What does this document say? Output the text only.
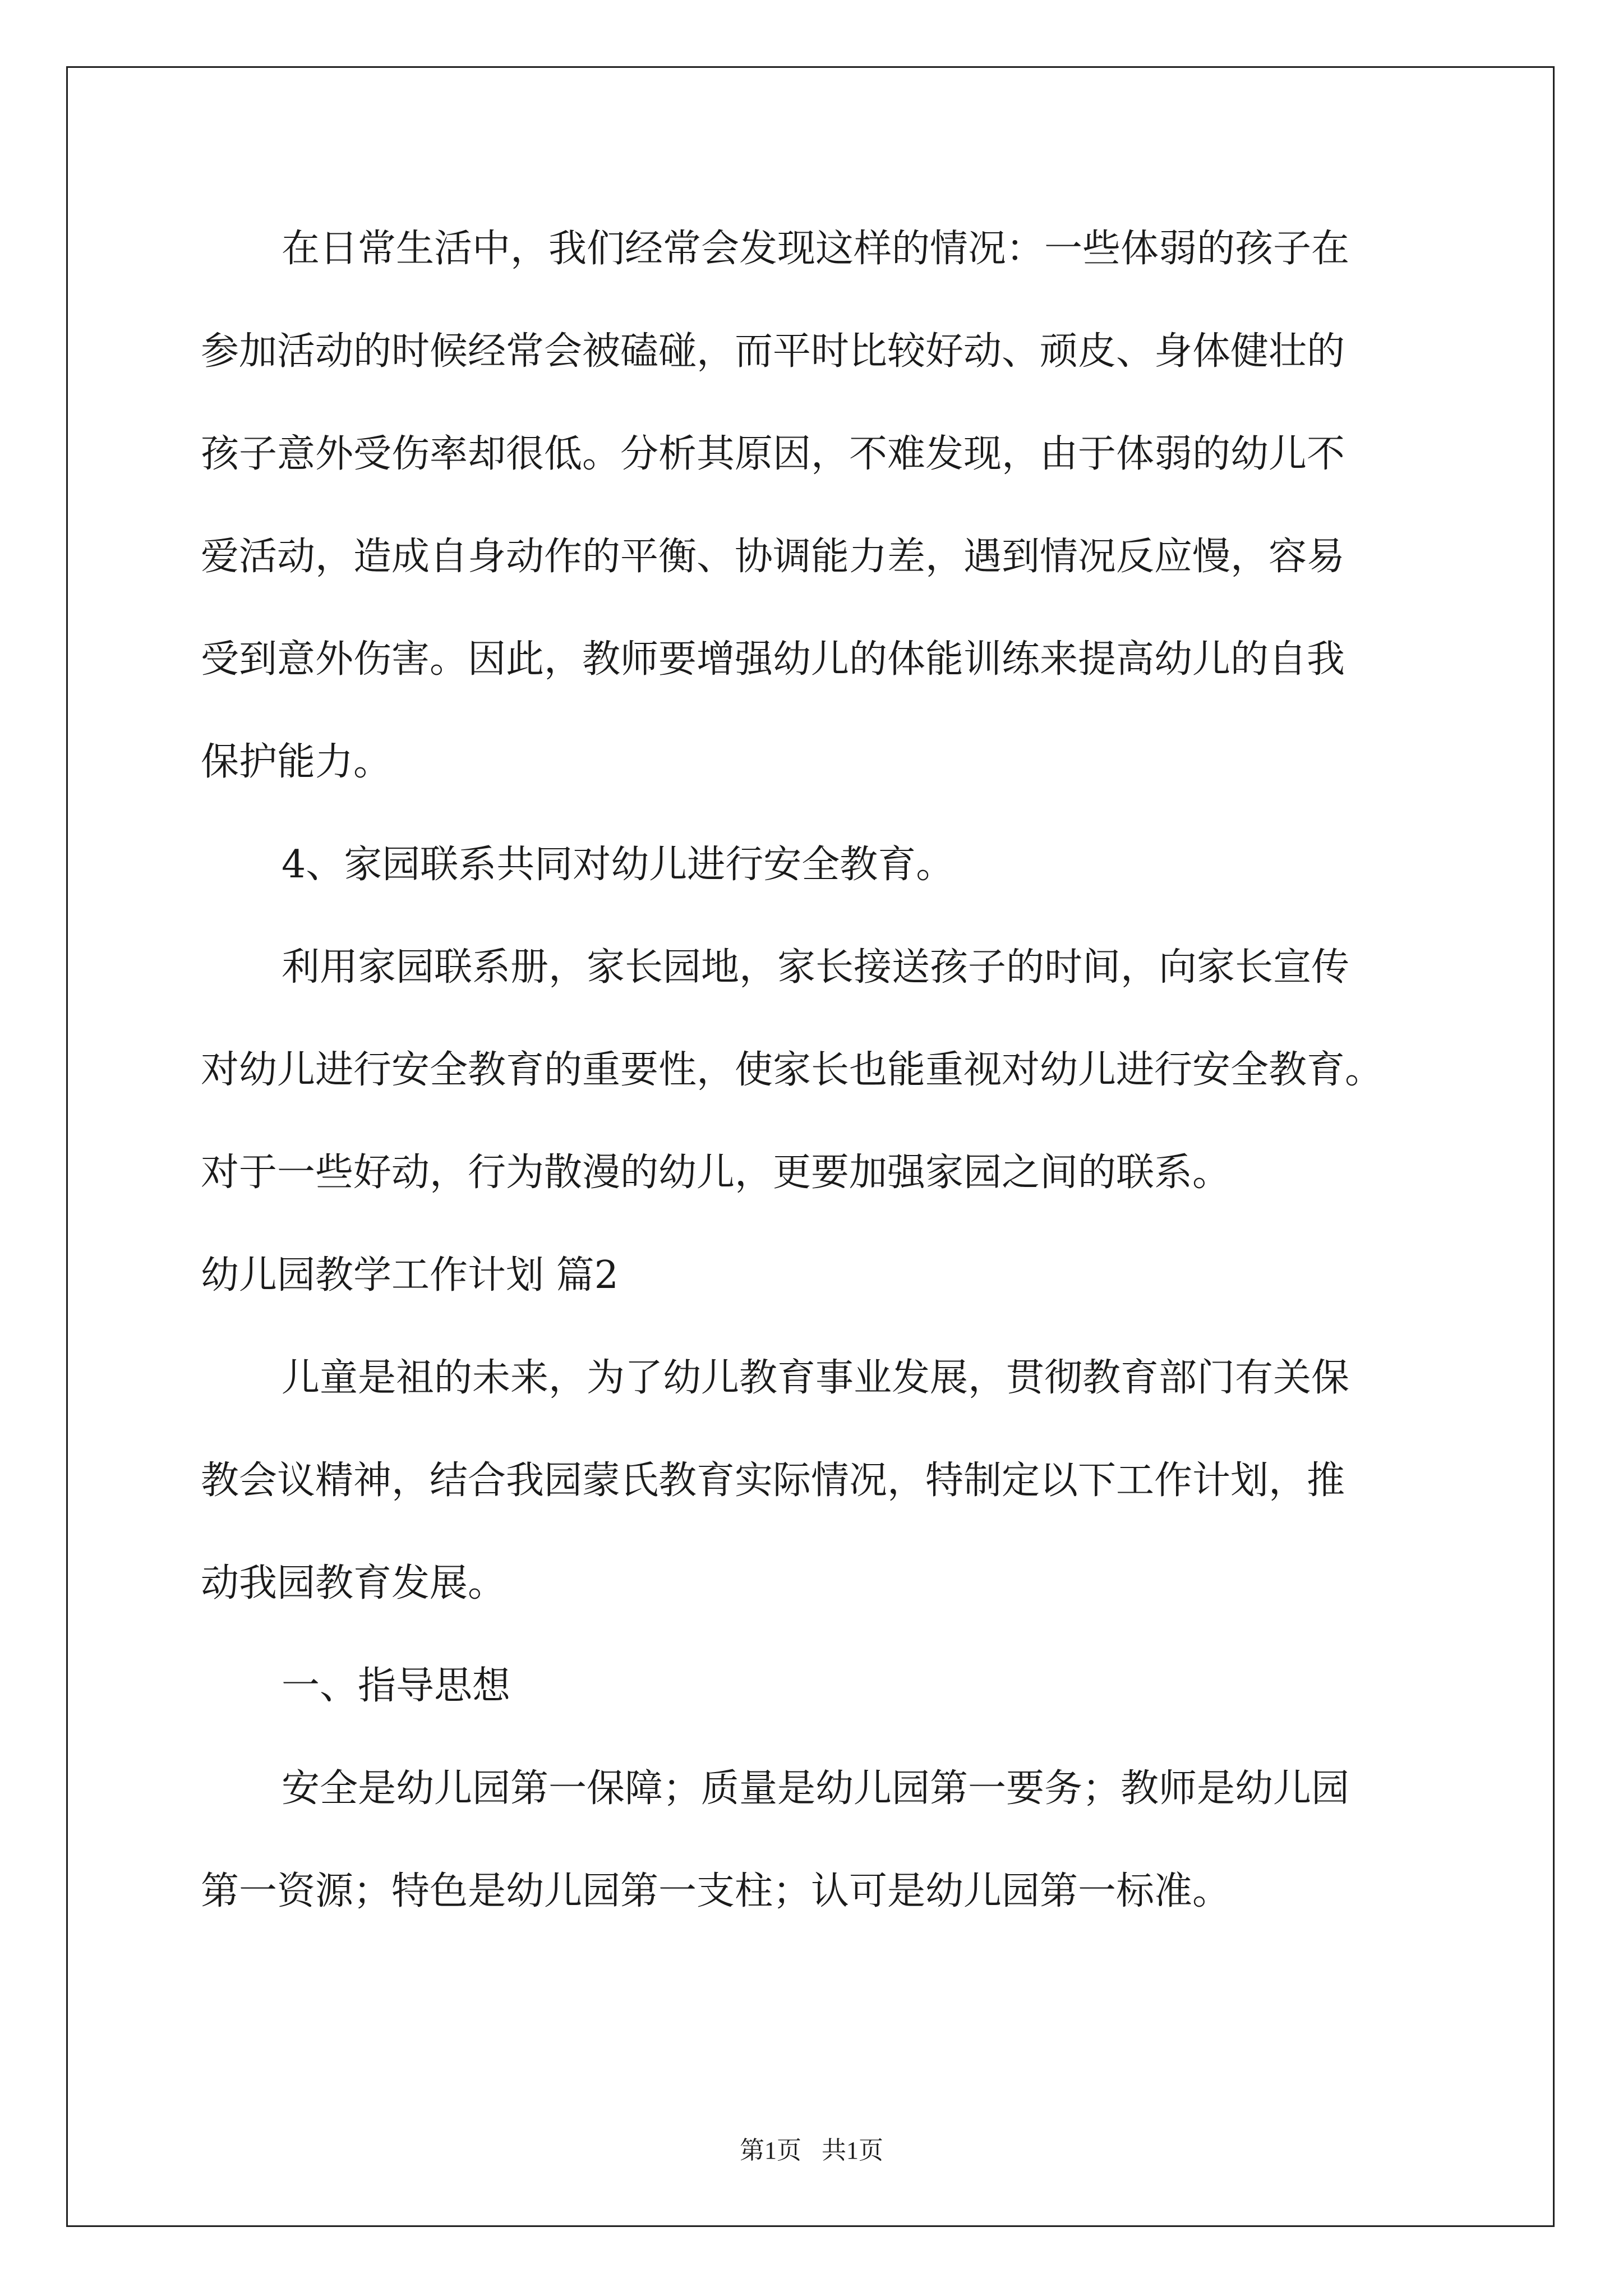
在日常生活中，我们经常会发现这样的情况：一些体弱的孩子在
参加活动的时候经常会被磕碰，而平时比较好动、顽皮、身体健壮的
孩子意外受伤率却很低。分析其原因，不难发现，由于体弱的幼儿不
爱活动，造成自身动作的平衡、协调能力差，遇到情况反应慢，容易
受到意外伤害。因此，教师要增强幼儿的体能训练来提高幼儿的自我
保护能力。
4、家园联系共同对幼儿进行安全教育。
利用家园联系册，家长园地，家长接送孩子的时间，向家长宣传
对幼儿进行安全教育的重要性，使家长也能重视对幼儿进行安全教育。
对于一些好动，行为散漫的幼儿，更要加强家园之间的联系。
幼儿园教学工作计划 篇2
儿童是祖的未来，为了幼儿教育事业发展，贯彻教育部门有关保
教会议精神，结合我园蒙氏教育实际情况，特制定以下工作计划，推
动我园教育发展。
一、指导思想
安全是幼儿园第一保障；质量是幼儿园第一要务；教师是幼儿园
第一资源；特色是幼儿园第一支柱；认可是幼儿园第一标准。
第1页 共1页
